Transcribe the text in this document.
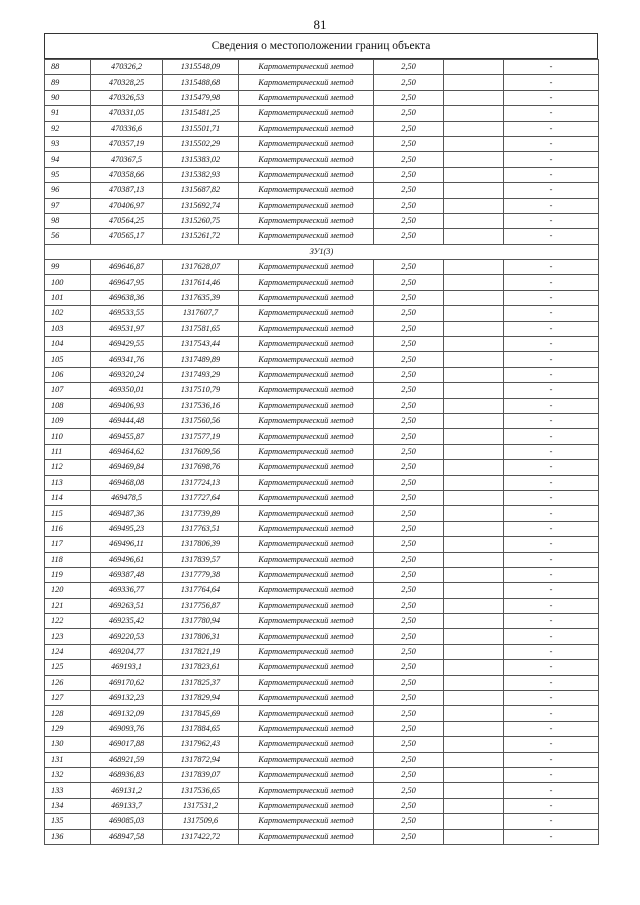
81
Сведения о местоположении границ объекта
88	470326,2	1315548,09	Картометрический метод	2,50		-
89	470328,25	1315488,68	Картометрический метод	2,50		-
90	470326,53	1315479,98	Картометрический метод	2,50		-
91	470331,05	1315481,25	Картометрический метод	2,50		-
92	470336,6	1315501,71	Картометрический метод	2,50		-
93	470357,19	1315502,29	Картометрический метод	2,50		-
94	470367,5	1315383,02	Картометрический метод	2,50		-
95	470358,66	1315382,93	Картометрический метод	2,50		-
96	470387,13	1315687,82	Картометрический метод	2,50		-
97	470406,97	1315692,74	Картометрический метод	2,50		-
98	470564,25	1315260,75	Картометрический метод	2,50		-
56	470565,17	1315261,72	Картометрический метод	2,50		-
ЗУ1(3)						
99	469646,87	1317628,07	Картометрический метод	2,50		-
100	469647,95	1317614,46	Картометрический метод	2,50		-
101	469638,36	1317635,39	Картометрический метод	2,50		-
102	469533,55	1317607,7	Картометрический метод	2,50		-
103	469531,97	1317581,65	Картометрический метод	2,50		-
104	469429,55	1317543,44	Картометрический метод	2,50		-
105	469341,76	1317489,89	Картометрический метод	2,50		-
106	469320,24	1317493,29	Картометрический метод	2,50		-
107	469350,01	1317510,79	Картометрический метод	2,50		-
108	469406,93	1317536,16	Картометрический метод	2,50		-
109	469444,48	1317560,56	Картометрический метод	2,50		-
110	469455,87	1317577,19	Картометрический метод	2,50		-
111	469464,62	1317609,56	Картометрический метод	2,50		-
112	469469,84	1317698,76	Картометрический метод	2,50		-
113	469468,08	1317724,13	Картометрический метод	2,50		-
114	469478,5	1317727,64	Картометрический метод	2,50		-
115	469487,36	1317739,89	Картометрический метод	2,50		-
116	469495,23	1317763,51	Картометрический метод	2,50		-
117	469496,11	1317806,39	Картометрический метод	2,50		-
118	469496,61	1317839,57	Картометрический метод	2,50		-
119	469387,48	1317779,38	Картометрический метод	2,50		-
120	469336,77	1317764,64	Картометрический метод	2,50		-
121	469263,51	1317756,87	Картометрический метод	2,50		-
122	469235,42	1317780,94	Картометрический метод	2,50		-
123	469220,53	1317806,31	Картометрический метод	2,50		-
124	469204,77	1317821,19	Картометрический метод	2,50		-
125	469193,1	1317823,61	Картометрический метод	2,50		-
126	469170,62	1317825,37	Картометрический метод	2,50		-
127	469132,23	1317829,94	Картометрический метод	2,50		-
128	469132,09	1317845,69	Картометрический метод	2,50		-
129	469093,76	1317884,65	Картометрический метод	2,50		-
130	469017,88	1317962,43	Картометрический метод	2,50		-
131	468921,59	1317872,94	Картометрический метод	2,50		-
132	468936,83	1317839,07	Картометрический метод	2,50		-
133	469131,2	1317536,65	Картометрический метод	2,50		-
134	469133,7	1317531,2	Картометрический метод	2,50		-
135	469085,03	1317509,6	Картометрический метод	2,50		-
136	468947,58	1317422,72	Картометрический метод	2,50		-
